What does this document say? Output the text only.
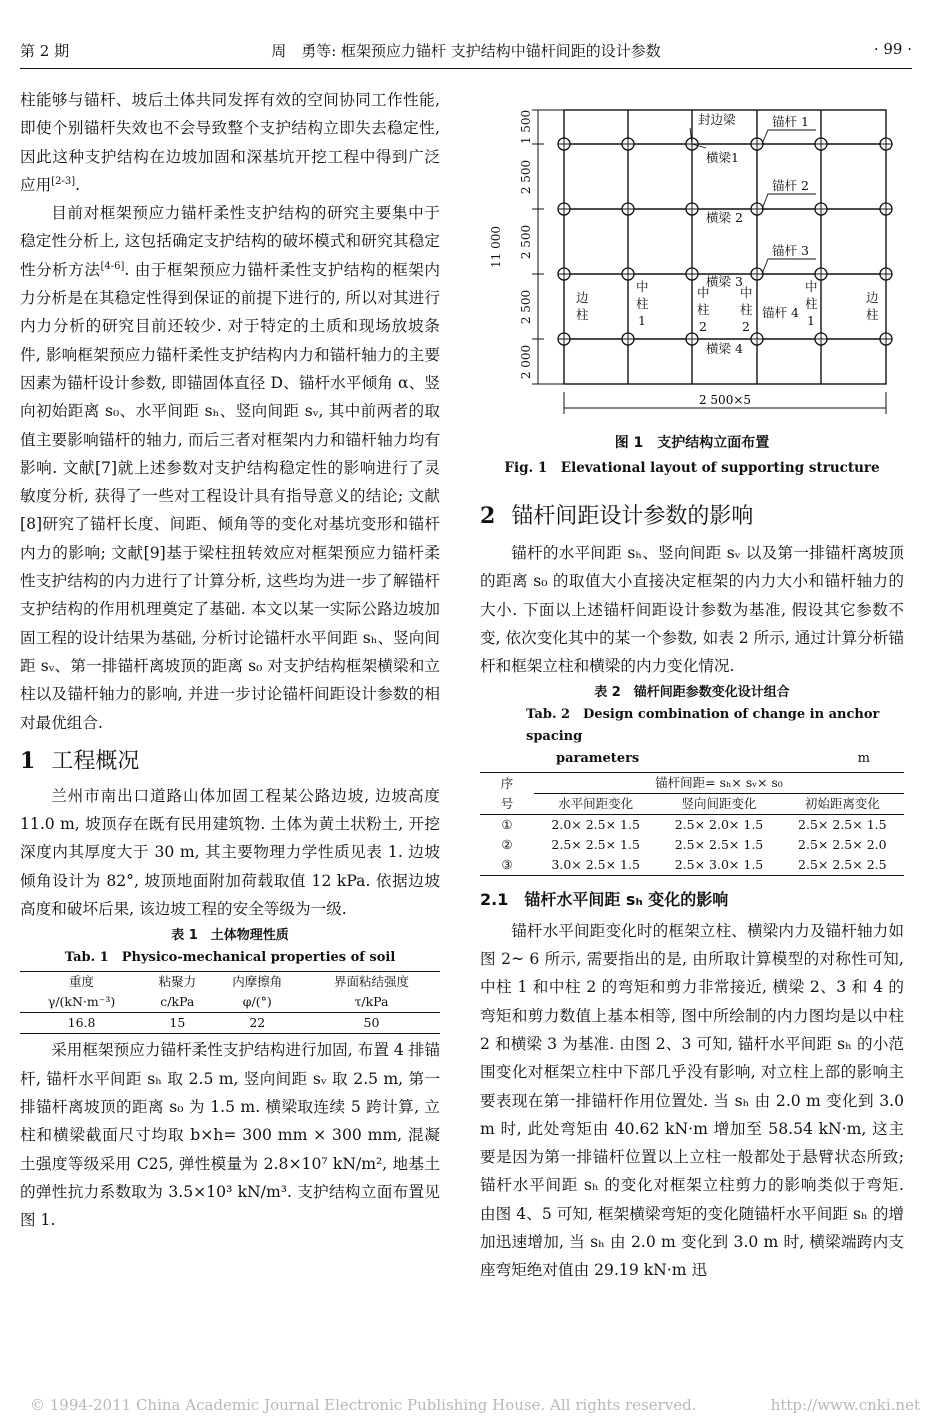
第 2 期	周　勇等: 框架预应力锚杆 支护结构中锚杆间距的设计参数	· 99 ·

柱能够与锚杆、坡后土体共同发挥有效的空间协同工作性能, 即使个别锚杆失效也不会导致整个支护结构立即失去稳定性, 因此这种支护结构在边坡加固和深基坑开挖工程中得到广泛应用[2-3].

目前对框架预应力锚杆柔性支护结构的研究主要集中于稳定性分析上, 这包括确定支护结构的破坏模式和研究其稳定性分析方法[4-6]. 由于框架预应力锚杆柔性支护结构的框架内力分析是在其稳定性得到保证的前提下进行的, 所以对其进行内力分析的研究目前还较少. 对于特定的土质和现场放坡条件, 影响框架预应力锚杆柔性支护结构内力和锚杆轴力的主要因素为锚杆设计参数, 即锚固体直径 D、锚杆水平倾角 α、竖向初始距离 s₀、水平间距 sₕ、竖向间距 sᵥ, 其中前两者的取值主要影响锚杆的轴力, 而后三者对框架内力和锚杆轴力均有影响. 文献[7]就上述参数对支护结构稳定性的影响进行了灵敏度分析, 获得了一些对工程设计具有指导意义的结论; 文献[8]研究了锚杆长度、间距、倾角等的变化对基坑变形和锚杆内力的影响; 文献[9]基于梁柱扭转效应对框架预应力锚杆柔性支护结构的内力进行了计算分析, 这些均为进一步了解锚杆支护结构的作用机理奠定了基础. 本文以某一实际公路边坡加固工程的设计结果为基础, 分析讨论锚杆水平间距 sₕ、竖向间距 sᵥ、第一排锚杆离坡顶的距离 s₀ 对支护结构框架横梁和立柱以及锚杆轴力的影响, 并进一步讨论锚杆间距设计参数的相对最优组合.

1 工程概况

兰州市南出口道路山体加固工程某公路边坡, 边坡高度 11.0 m, 坡顶存在既有民用建筑物. 土体为黄土状粉土, 开挖深度内其厚度大于 30 m, 其主要物理力学性质见表 1. 边坡倾角设计为 82°, 坡顶地面附加荷载取值 12 kPa. 依据边坡高度和破坏后果, 该边坡工程的安全等级为一级.

表 1　土体物理性质
Tab. 1　Physico-mechanical properties of soil
重度	粘聚力	内摩擦角	界面粘结强度
γ/(kN·m⁻³)	c/kPa	φ/(°)	τ/kPa
16.8	15	22	50

采用框架预应力锚杆柔性支护结构进行加固, 布置 4 排锚杆, 锚杆水平间距 sₕ 取 2.5 m, 竖向间距 sᵥ 取 2.5 m, 第一排锚杆离坡顶的距离 s₀ 为 1.5 m. 横梁取连续 5 跨计算, 立柱和横梁截面尺寸均取 b×h= 300 mm × 300 mm, 混凝土强度等级采用 C25, 弹性模量为 2.8×10⁷ kN/m², 地基土的弹性抗力系数取为 3.5×10³ kN/m³. 支护结构立面布置见图 1.

1 500
2 500
2 500
2 500
2 000
11 000
2 500×5
封边梁
横梁1
横梁 2
横梁 3
横梁 4
锚杆 1
锚杆 2
锚杆 3
锚杆 4
边
柱
边
柱
中
柱
1
中
柱
2
中
柱
2
中
柱
1
图 1　支护结构立面布置
Fig. 1　Elevational layout of supporting structure
2 锚杆间距设计参数的影响

锚杆的水平间距 sₕ、竖向间距 sᵥ 以及第一排锚杆离坡顶的距离 s₀ 的取值大小直接决定框架的内力大小和锚杆轴力的大小. 下面以上述锚杆间距设计参数为基准, 假设其它参数不变, 依次变化其中的某一个参数, 如表 2 所示, 通过计算分析锚杆和框架立柱和横梁的内力变化情况.

表 2　锚杆间距参数变化设计组合
Tab. 2　Design combination of change in anchor spacing
parameters	m
序	锚杆间距= sₕ× sᵥ× s₀		
号	水平间距变化	竖向间距变化	初始距离变化
①	2.0× 2.5× 1.5	2.5× 2.0× 1.5	2.5× 2.5× 1.5
②	2.5× 2.5× 1.5	2.5× 2.5× 1.5	2.5× 2.5× 2.0
③	3.0× 2.5× 1.5	2.5× 3.0× 1.5	2.5× 2.5× 2.5
2.1　锚杆水平间距 sₕ 变化的影响

锚杆水平间距变化时的框架立柱、横梁内力及锚杆轴力如图 2~ 6 所示, 需要指出的是, 由所取计算模型的对称性可知, 中柱 1 和中柱 2 的弯矩和剪力非常接近, 横梁 2、3 和 4 的弯矩和剪力数值上基本相等, 图中所绘制的内力图均是以中柱 2 和横梁 3 为基准. 由图 2、3 可知, 锚杆水平间距 sₕ 的小范围变化对框架立柱中下部几乎没有影响, 对立柱上部的影响主要表现在第一排锚杆作用位置处. 当 sₕ 由 2.0 m 变化到 3.0 m 时, 此处弯矩由 40.62 kN·m 增加至 58.54 kN·m, 这主要是因为第一排锚杆位置以上立柱一般都处于悬臂状态所致; 锚杆水平间距 sₕ 的变化对框架立柱剪力的影响类似于弯矩. 由图 4、5 可知, 框架横梁弯矩的变化随锚杆水平间距 sₕ 的增加迅速增加, 当 sₕ 由 2.0 m 变化到 3.0 m 时, 横梁端跨内支座弯矩绝对值由 29.19 kN·m 迅

© 1994-2011 China Academic Journal Electronic Publishing House. All rights reserved.	http://www.cnki.net
